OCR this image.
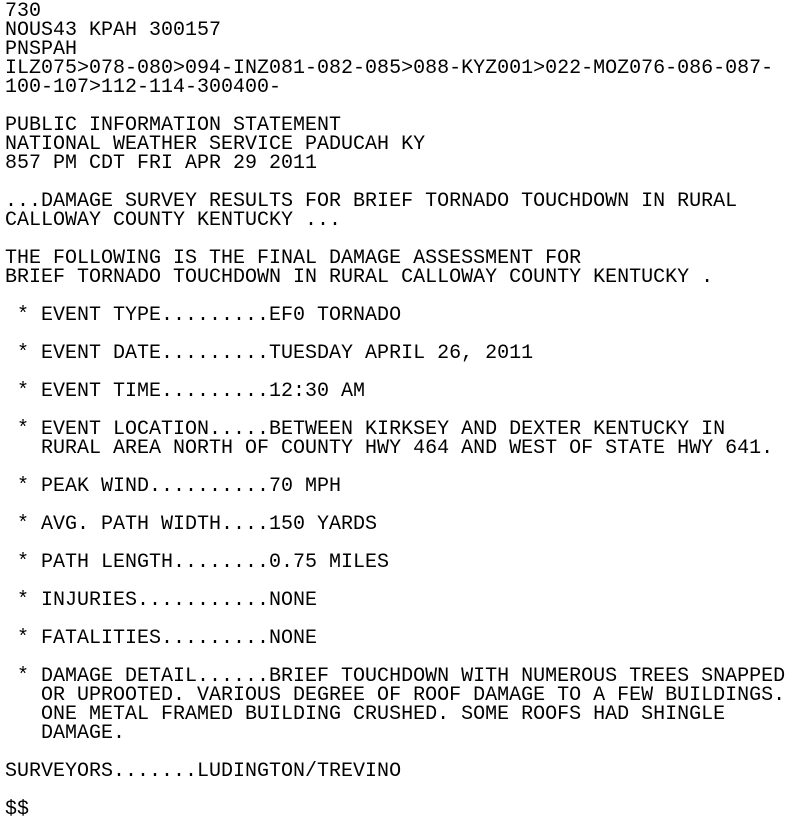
730
NOUS43 KPAH 300157
PNSPAH
ILZ075>078-080>094-INZ081-082-085>088-KYZ001>022-MOZ076-086-087-
100-107>112-114-300400-
PUBLIC INFORMATION STATEMENT
NATIONAL WEATHER SERVICE PADUCAH KY
857 PM CDT FRI APR 29 2011
...DAMAGE SURVEY RESULTS FOR BRIEF TORNADO TOUCHDOWN IN RURAL
CALLOWAY COUNTY KENTUCKY ...
THE FOLLOWING IS THE FINAL DAMAGE ASSESSMENT FOR
BRIEF TORNADO TOUCHDOWN IN RURAL CALLOWAY COUNTY KENTUCKY .
* EVENT TYPE.........EF0 TORNADO
* EVENT DATE.........TUESDAY APRIL 26, 2011
* EVENT TIME.........12:30 AM
* EVENT LOCATION.....BETWEEN KIRKSEY AND DEXTER KENTUCKY IN
RURAL AREA NORTH OF COUNTY HWY 464 AND WEST OF STATE HWY 641.
* PEAK WIND..........70 MPH
* AVG. PATH WIDTH....150 YARDS
* PATH LENGTH........0.75 MILES
* INJURIES...........NONE
* FATALITIES.........NONE
* DAMAGE DETAIL......BRIEF TOUCHDOWN WITH NUMEROUS TREES SNAPPED
OR UPROOTED. VARIOUS DEGREE OF ROOF DAMAGE TO A FEW BUILDINGS.
ONE METAL FRAMED BUILDING CRUSHED. SOME ROOFS HAD SHINGLE
DAMAGE.
SURVEYORS.......LUDINGTON/TREVINO
$$
